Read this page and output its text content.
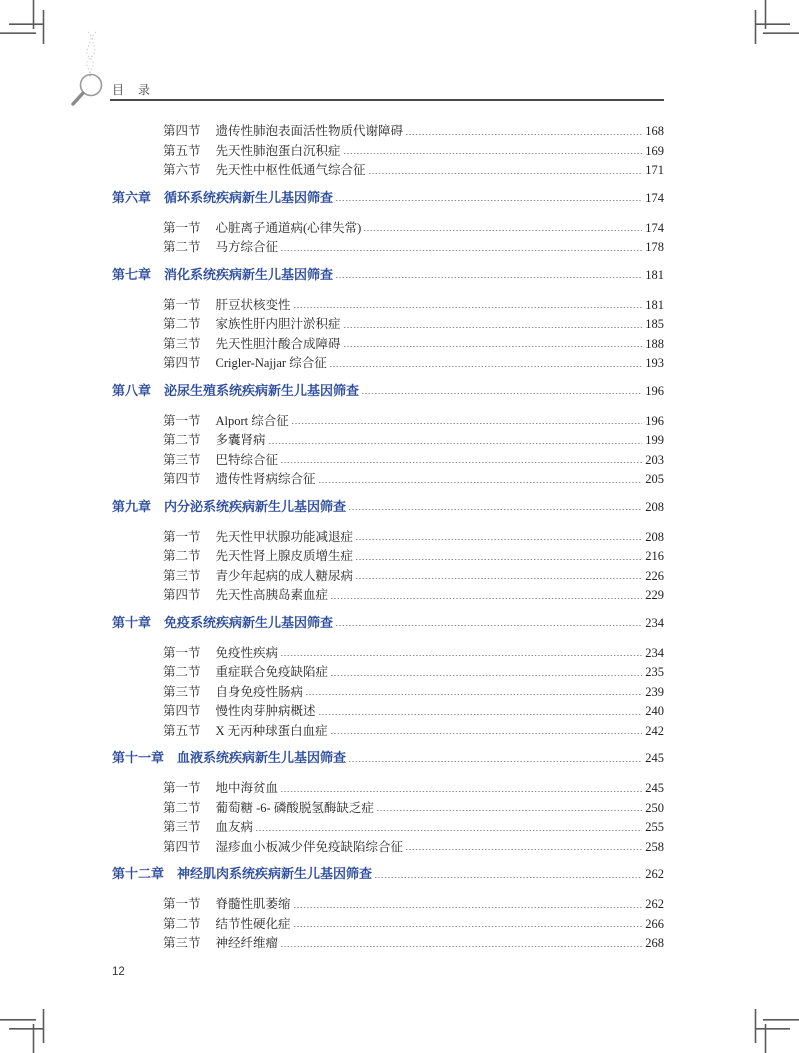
目　录
第四节 遗传性肺泡表面活性物质代谢障碍	168
第五节 先天性肺泡蛋白沉积症	169
第六节 先天性中枢性低通气综合征	171
第六章 循环系统疾病新生儿基因筛查	174
第一节 心脏离子通道病(心律失常)	174
第二节 马方综合征	178
第七章 消化系统疾病新生儿基因筛查	181
第一节 肝豆状核变性	181
第二节 家族性肝内胆汁淤积症	185
第三节 先天性胆汁酸合成障碍	188
第四节 Crigler-Najjar 综合征	193
第八章 泌尿生殖系统疾病新生儿基因筛查	196
第一节 Alport 综合征	196
第二节 多囊肾病	199
第三节 巴特综合征	203
第四节 遗传性肾病综合征	205
第九章 内分泌系统疾病新生儿基因筛查	208
第一节 先天性甲状腺功能减退症	208
第二节 先天性肾上腺皮质增生症	216
第三节 青少年起病的成人糖尿病	226
第四节 先天性高胰岛素血症	229
第十章 免疫系统疾病新生儿基因筛查	234
第一节 免疫性疾病	234
第二节 重症联合免疫缺陷症	235
第三节 自身免疫性肠病	239
第四节 慢性肉芽肿病概述	240
第五节 X 无丙种球蛋白血症	242
第十一章 血液系统疾病新生儿基因筛查	245
第一节 地中海贫血	245
第二节 葡萄糖 -6- 磷酸脱氢酶缺乏症	250
第三节 血友病	255
第四节 湿疹血小板减少伴免疫缺陷综合征	258
第十二章 神经肌肉系统疾病新生儿基因筛查	262
第一节 脊髓性肌萎缩	262
第二节 结节性硬化症	266
第三节 神经纤维瘤	268
12
